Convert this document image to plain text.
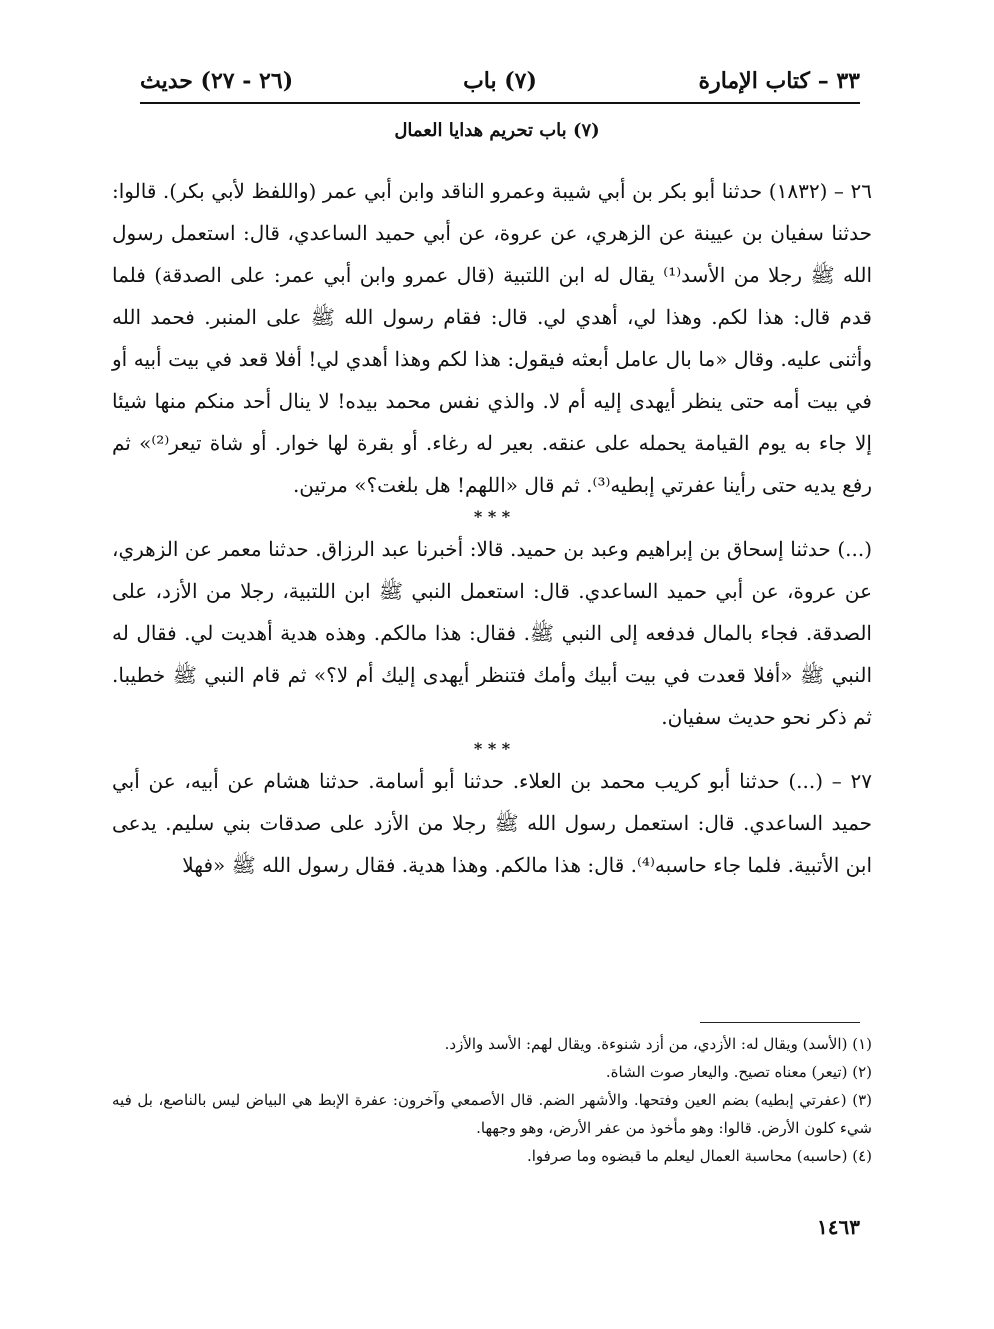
٣٣ – كتاب الإمارة
(٧) باب
(٢٦ - ٢٧) حديث
(٧) باب تحريم هدايا العمال

٢٦ – (١٨٣٢) حدثنا أبو بكر بن أبي شيبة وعمرو الناقد وابن أبي عمر (واللفظ لأبي بكر). قالوا: حدثنا سفيان بن عيينة عن الزهري، عن عروة، عن أبي حميد الساعدي، قال: استعمل رسول الله ﷺ رجلا من الأسد⁽¹⁾ يقال له ابن اللتبية (قال عمرو وابن أبي عمر: على الصدقة) فلما قدم قال: هذا لكم. وهذا لي، أهدي لي. قال: فقام رسول الله ﷺ على المنبر. فحمد الله وأثنى عليه. وقال «ما بال عامل أبعثه فيقول: هذا لكم وهذا أهدي لي! أفلا قعد في بيت أبيه أو في بيت أمه حتى ينظر أيهدى إليه أم لا. والذي نفس محمد بيده! لا ينال أحد منكم منها شيئا إلا جاء به يوم القيامة يحمله على عنقه. بعير له رغاء. أو بقرة لها خوار. أو شاة تيعر⁽²⁾» ثم رفع يديه حتى رأينا عفرتي إبطيه⁽³⁾. ثم قال «اللهم! هل بلغت؟» مرتين.

* * *

(...) حدثنا إسحاق بن إبراهيم وعبد بن حميد. قالا: أخبرنا عبد الرزاق. حدثنا معمر عن الزهري، عن عروة، عن أبي حميد الساعدي. قال: استعمل النبي ﷺ ابن اللتبية، رجلا من الأزد، على الصدقة. فجاء بالمال فدفعه إلى النبي ﷺ. فقال: هذا مالكم. وهذه هدية أهديت لي. فقال له النبي ﷺ «أفلا قعدت في بيت أبيك وأمك فتنظر أيهدى إليك أم لا؟» ثم قام النبي ﷺ خطيبا. ثم ذكر نحو حديث سفيان.

* * *

٢٧ – (...) حدثنا أبو كريب محمد بن العلاء. حدثنا أبو أسامة. حدثنا هشام عن أبيه، عن أبي حميد الساعدي. قال: استعمل رسول الله ﷺ رجلا من الأزد على صدقات بني سليم. يدعى ابن الأتبية. فلما جاء حاسبه⁽⁴⁾. قال: هذا مالكم. وهذا هدية. فقال رسول الله ﷺ «فهلا

(١) (الأسد) ويقال له: الأزدي، من أزد شنوءة. ويقال لهم: الأسد والأزد.

(٢) (تيعر) معناه تصيح. واليعار صوت الشاة.

(٣) (عفرتي إبطيه) بضم العين وفتحها. والأشهر الضم. قال الأصمعي وآخرون: عفرة الإبط هي البياض ليس بالناصع، بل فيه شيء كلون الأرض. قالوا: وهو مأخوذ من عفر الأرض، وهو وجهها.

(٤) (حاسبه) محاسبة العمال ليعلم ما قبضوه وما صرفوا.

١٤٦٣
